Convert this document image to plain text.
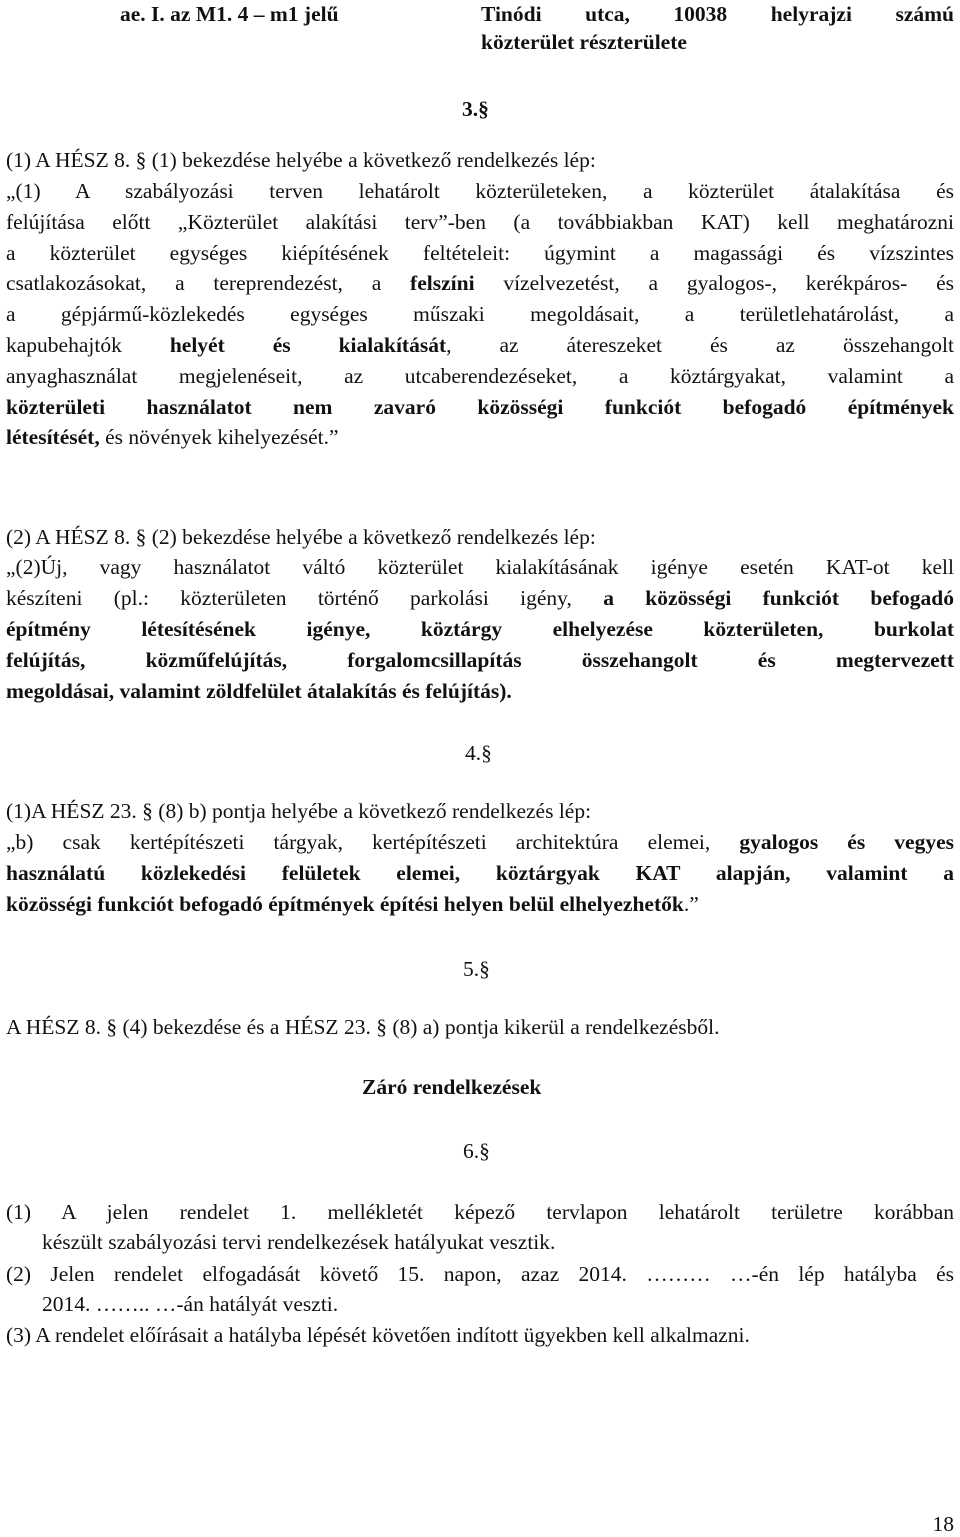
ae. I. az M1. 4 – m1 jelű	Tinódi utca, 10038 helyrajzi számú
közterület részterülete
3.§
(1) A HÉSZ 8. § (1) bekezdése helyébe a következő rendelkezés lép:
„(1) A szabályozási terven lehatárolt közterületeken, a közterület átalakítása és
felújítása előtt „Közterület alakítási terv”-ben (a továbbiakban KAT) kell meghatározni
a közterület egységes kiépítésének feltételeit: úgymint a magassági és vízszintes
csatlakozásokat, a tereprendezést, a felszíni vízelvezetést, a gyalogos-, kerékpáros- és
a gépjármű-közlekedés egységes műszaki megoldásait, a területlehatárolást, a
kapubehajtók helyét és kialakítását, az átereszeket és az összehangolt
anyaghasználat megjelenéseit, az utcaberendezéseket, a köztárgyakat, valamint a
közterületi használatot nem zavaró közösségi funkciót befogadó építmények
létesítését, és növények kihelyezését.”
(2) A HÉSZ 8. § (2) bekezdése helyébe a következő rendelkezés lép:
„(2)Új, vagy használatot váltó közterület kialakításának igénye esetén KAT-ot kell
készíteni (pl.: közterületen történő parkolási igény, a közösségi funkciót befogadó
építmény létesítésének igénye, köztárgy elhelyezése közterületen, burkolat
felújítás, közműfelújítás, forgalomcsillapítás összehangolt és megtervezett
megoldásai, valamint zöldfelület átalakítás és felújítás).
4.§
(1)A HÉSZ 23. § (8) b) pontja helyébe a következő rendelkezés lép:
„b) csak kertépítészeti tárgyak, kertépítészeti architektúra elemei, gyalogos és vegyes
használatú közlekedési felületek elemei, köztárgyak KAT alapján, valamint a
közösségi funkciót befogadó építmények építési helyen belül elhelyezhetők.”
5.§
A HÉSZ 8. § (4) bekezdése és a HÉSZ 23. § (8) a) pontja kikerül a rendelkezésből.
Záró rendelkezések
6.§
(1) A jelen rendelet 1. mellékletét képező tervlapon lehatárolt területre korábban
készült szabályozási tervi rendelkezések hatályukat vesztik.
(2) Jelen rendelet elfogadását követő 15. napon, azaz 2014. ……… …-én lép hatályba és
2014. …….. …-án hatályát veszti.
(3) A rendelet előírásait a hatályba lépését követően indított ügyekben kell alkalmazni.
18
